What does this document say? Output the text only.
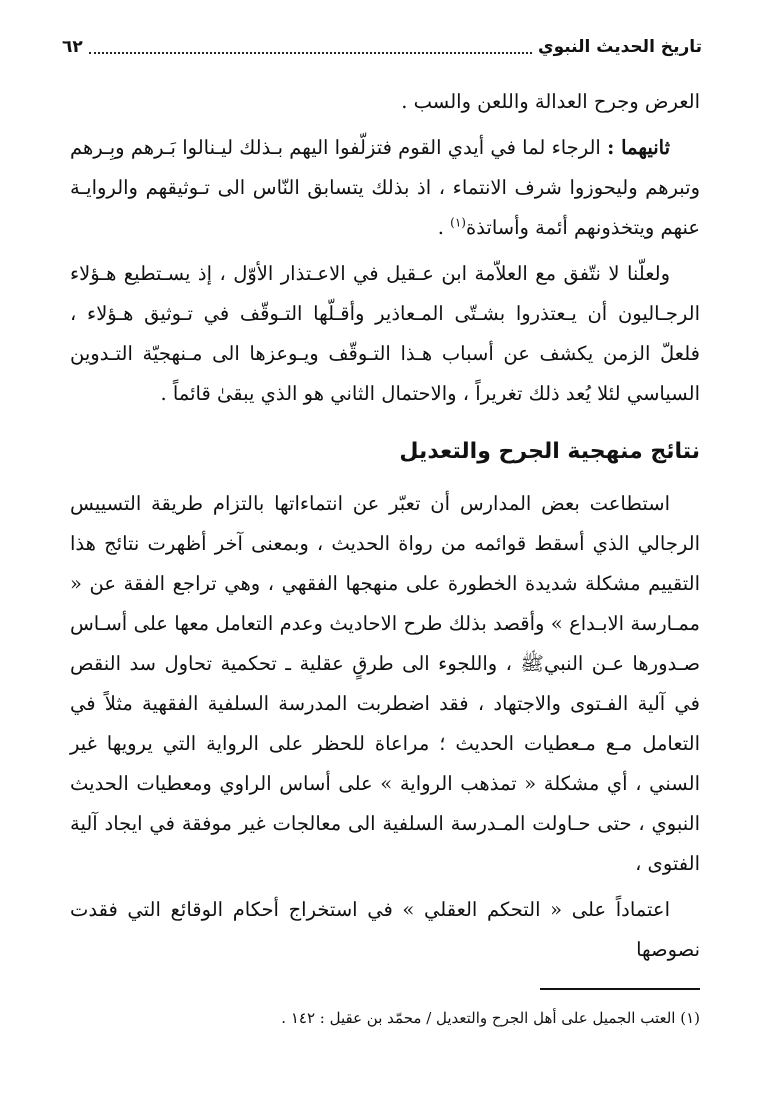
تاريخ الحديث النبوي
٦٢

العرض وجرح العدالة واللعن والسب .

ثانيهما : الرجاء لما في أيدي القوم فتزلّفوا اليهم بـذلك ليـنالوا بَـرهم وبِـرهم وتبرهم وليحوزوا شرف الانتماء ، اذ بذلك يتسابق النّاس الى تـوثيقهم والروايـة عنهم ويتخذونهم أئمة وأساتذة$^{(١)}$ .

ولعلّنا لا نتّفق مع العلاّمة ابن عـقيل في الاعـتذار الأوّل ، إذ يسـتطيع هـؤلاء الرجـاليون أن يـعتذروا بشـتّى المـعاذير وأقـلّها التـوقّف في تـوثيق هـؤلاء ، فلعلّ الزمن يكشف عن أسباب هـذا التـوقّف ويـوعزها الى مـنهجيّة التـدوين السياسي لئلا يُعد ذلك تغريراً ، والاحتمال الثاني هو الذي يبقىٰ قائماً .

نتائج منهجية الجرح والتعديل

استطاعت بعض المدارس أن تعبّر عن انتماءاتها بالتزام طريقة التسييس الرجالي الذي أسقط قوائمه من رواة الحديث ، وبمعنى آخر أظهرت نتائج هذا التقييم مشكلة شديدة الخطورة على منهجها الفقهي ، وهي تراجع الفقة عن « ممـارسة الابـداع » وأقصد بذلك طرح الاحاديث وعدم التعامل معها على أسـاس صـدورها عـن النبيﷺ ، واللجوء الى طرقٍ عقلية ـ تحكمية تحاول سد النقص في آلية الفـتوى والاجتهاد ، فقد اضطربت المدرسة السلفية الفقهية مثلاً في التعامل مـع مـعطيات الحديث ؛ مراعاة للحظر على الرواية التي يرويها غير السني ، أي مشكلة « تمذهب الرواية » على أساس الراوي ومعطيات الحديث النبوي ، حتى حـاولت المـدرسة السلفية الى معالجات غير موفقة في ايجاد آلية الفتوى ،

اعتماداً على « التحكم العقلي » في استخراج أحكام الوقائع التي فقدت نصوصها

(١) العتب الجميل على أهل الجرح والتعديل / محمّد بن عقيل : ١٤٢ .
